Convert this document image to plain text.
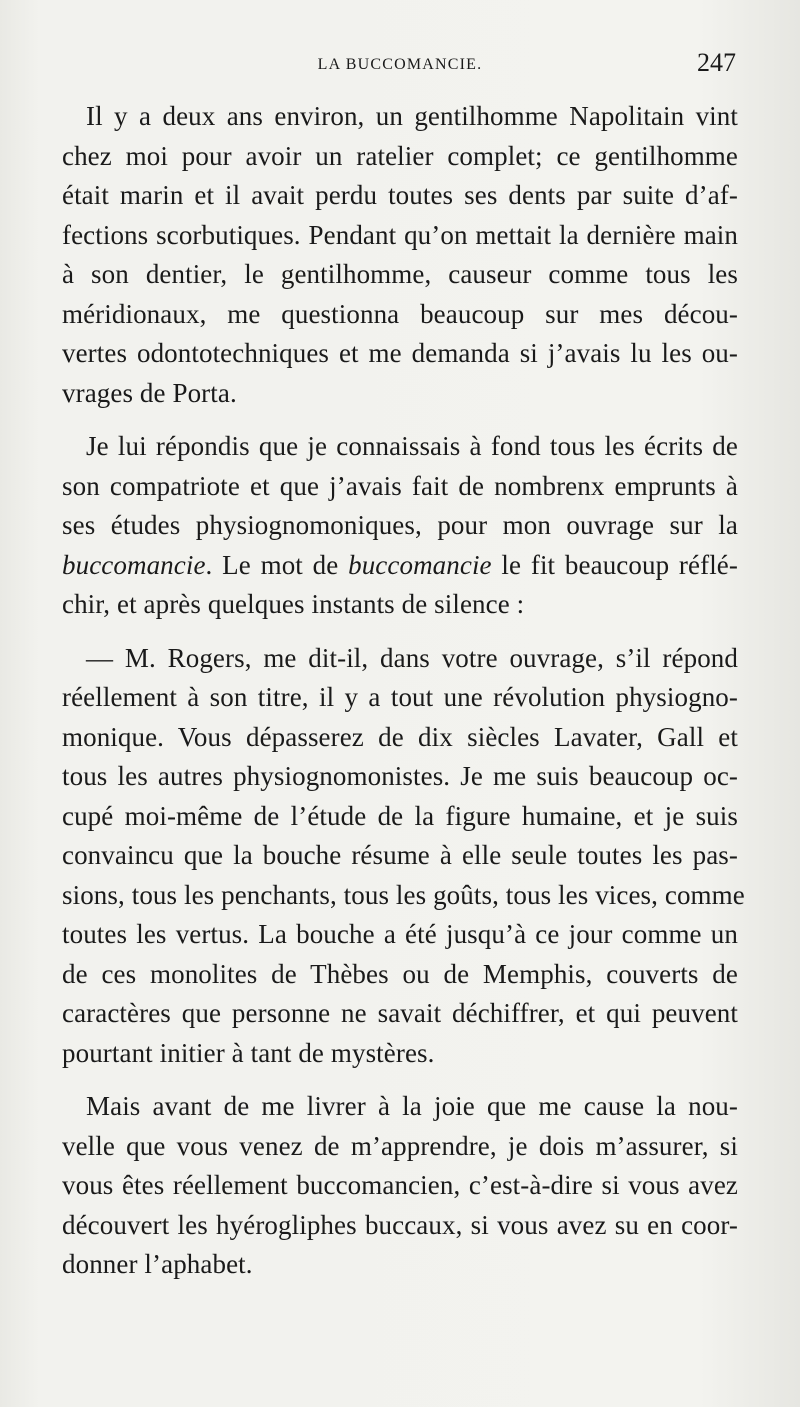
LA BUCCOMANCIE.	247
Il y a deux ans environ, un gentilhomme Napolitain vint
chez moi pour avoir un ratelier complet; ce gentilhomme
était marin et il avait perdu toutes ses dents par suite d’af-
fections scorbutiques. Pendant qu’on mettait la dernière main
à son dentier, le gentilhomme, causeur comme tous les
méridionaux, me questionna beaucoup sur mes décou-
vertes odontotechniques et me demanda si j’avais lu les ou-
vrages de Porta.
Je lui répondis que je connaissais à fond tous les écrits de
son compatriote et que j’avais fait de nombrenx emprunts à
ses études physiognomoniques, pour mon ouvrage sur la
buccomancie. Le mot de buccomancie le fit beaucoup réflé-
chir, et après quelques instants de silence :
— M. Rogers, me dit-il, dans votre ouvrage, s’il répond
réellement à son titre, il y a tout une révolution physiogno-
monique. Vous dépasserez de dix siècles Lavater, Gall et
tous les autres physiognomonistes. Je me suis beaucoup oc-
cupé moi-même de l’étude de la figure humaine, et je suis
convaincu que la bouche résume à elle seule toutes les pas-
sions, tous les penchants, tous les goûts, tous les vices, comme
toutes les vertus. La bouche a été jusqu’à ce jour comme un
de ces monolites de Thèbes ou de Memphis, couverts de
caractères que personne ne savait déchiffrer, et qui peuvent
pourtant initier à tant de mystères.
Mais avant de me livrer à la joie que me cause la nou-
velle que vous venez de m’apprendre, je dois m’assurer, si
vous êtes réellement buccomancien, c’est-à-dire si vous avez
découvert les hyérogliphes buccaux, si vous avez su en coor-
donner l’aphabet.
